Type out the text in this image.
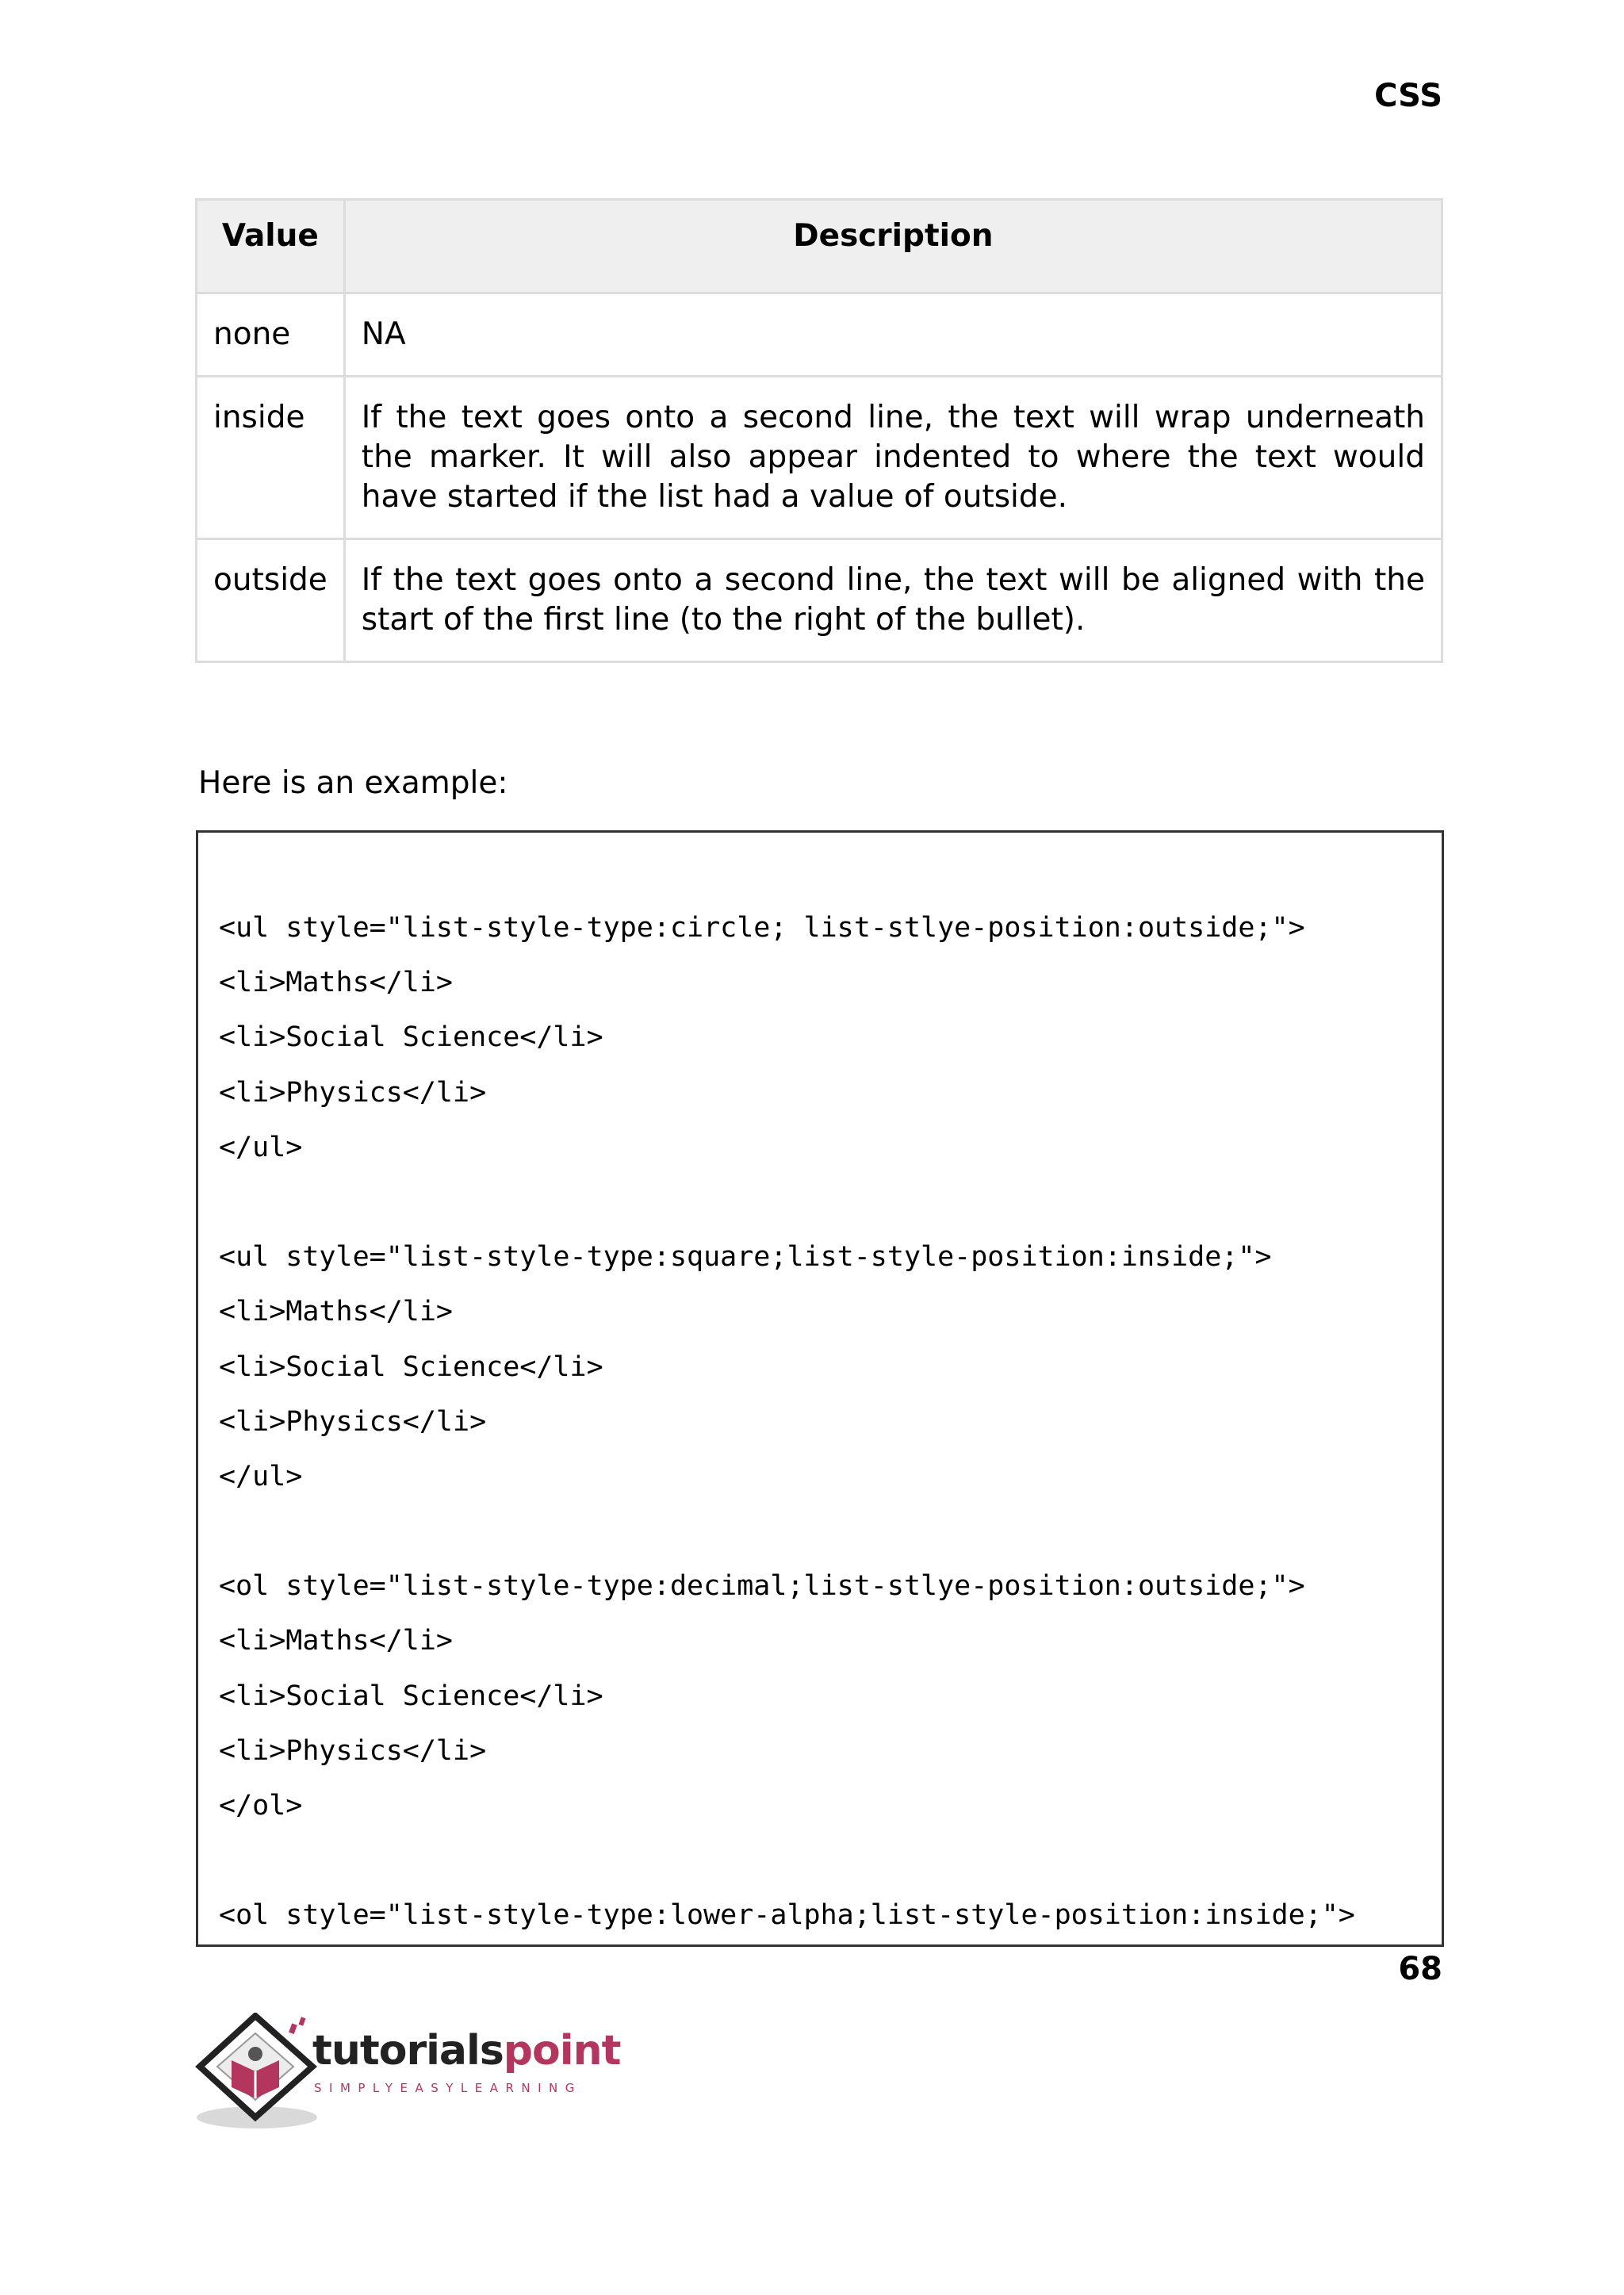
CSS
Value	Description
none	NA
inside	If the text goes onto a second line, the text will wrap underneath the marker. It will also appear indented to where the text would have started if the list had a value of outside.
outside	If the text goes onto a second line, the text will be aligned with the start of the first line (to the right of the bullet).
Here is an example:
<ul style="list-style-type:circle; list-stlye-position:outside;">
<li>Maths</li>
<li>Social Science</li>
<li>Physics</li>
</ul>
<ul style="list-style-type:square;list-style-position:inside;">
<li>Maths</li>
<li>Social Science</li>
<li>Physics</li>
</ul>
<ol style="list-style-type:decimal;list-stlye-position:outside;">
<li>Maths</li>
<li>Social Science</li>
<li>Physics</li>
</ol>
<ol style="list-style-type:lower-alpha;list-style-position:inside;">
68
tutorialspoint
SIMPLYEASYLEARNING
